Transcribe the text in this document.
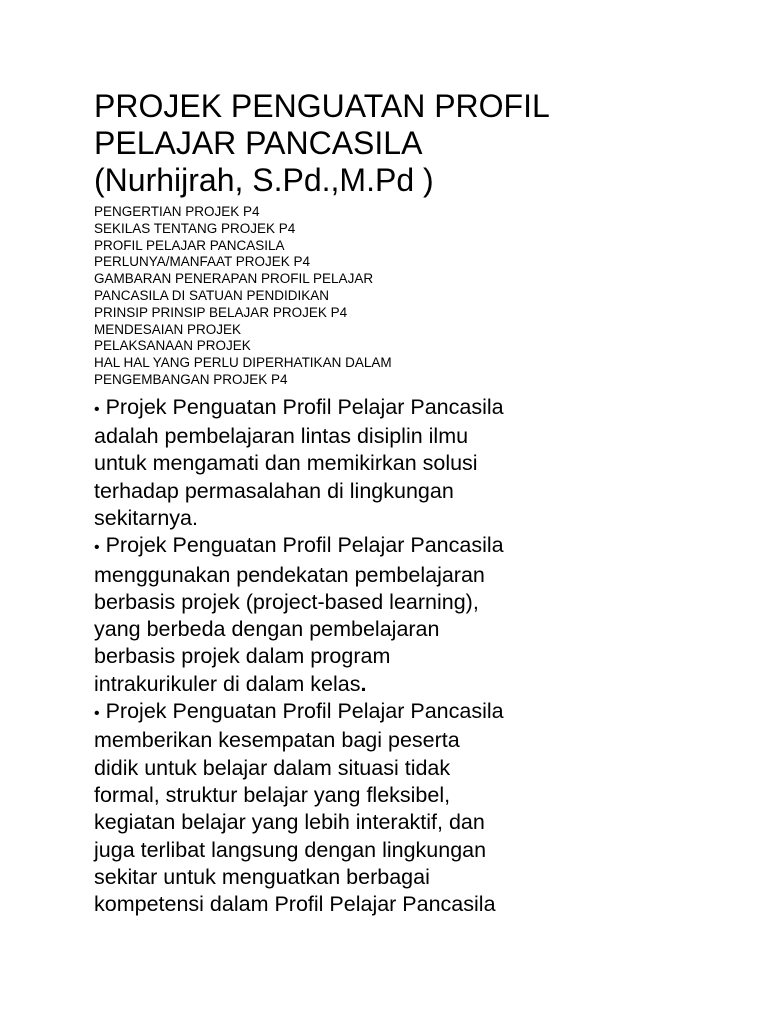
PROJEK PENGUATAN PROFIL
PELAJAR PANCASILA
(Nurhijrah, S.Pd.,M.Pd )
PENGERTIAN PROJEK P4
SEKILAS TENTANG PROJEK P4
PROFIL PELAJAR PANCASILA
PERLUNYA/MANFAAT PROJEK P4
GAMBARAN PENERAPAN PROFIL PELAJAR
PANCASILA DI SATUAN PENDIDIKAN
PRINSIP PRINSIP BELAJAR PROJEK P4
MENDESAIAN PROJEK
PELAKSANAAN PROJEK
HAL HAL YANG PERLU DIPERHATIKAN DALAM
PENGEMBANGAN PROJEK P4
• Projek Penguatan Profil Pelajar Pancasila
adalah pembelajaran lintas disiplin ilmu
untuk mengamati dan memikirkan solusi
terhadap permasalahan di lingkungan
sekitarnya.
• Projek Penguatan Profil Pelajar Pancasila
menggunakan pendekatan pembelajaran
berbasis projek (project-based learning),
yang berbeda dengan pembelajaran
berbasis projek dalam program
intrakurikuler di dalam kelas.
• Projek Penguatan Profil Pelajar Pancasila
memberikan kesempatan bagi peserta
didik untuk belajar dalam situasi tidak
formal, struktur belajar yang fleksibel,
kegiatan belajar yang lebih interaktif, dan
juga terlibat langsung dengan lingkungan
sekitar untuk menguatkan berbagai
kompetensi dalam Profil Pelajar Pancasila
